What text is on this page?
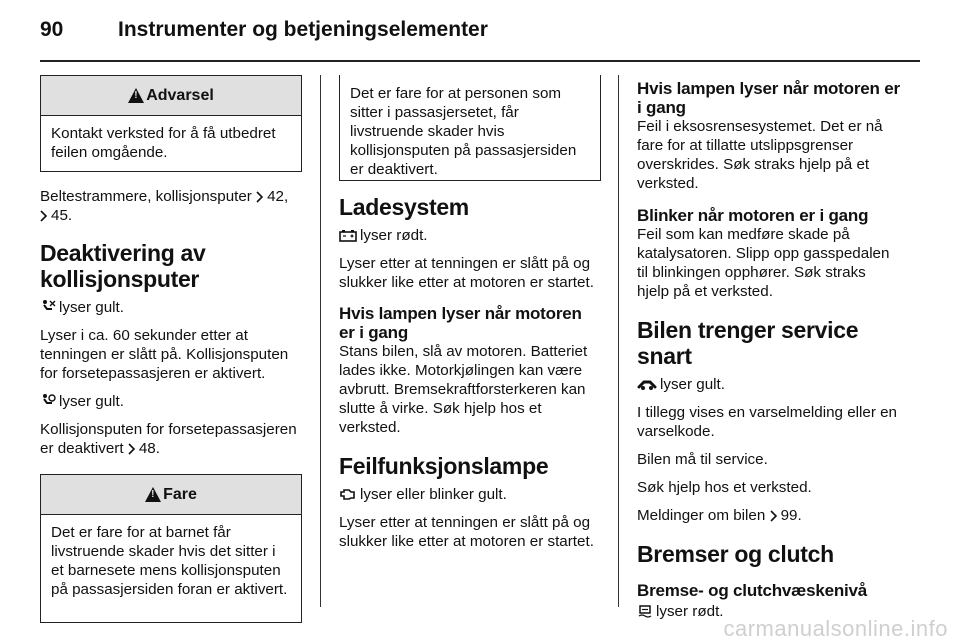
90	Instrumenter og betjeningselementer
!
Advarsel

Kontakt verksted for å få utbedret feilen omgående.

Beltestrammere, kollisjonsputer 42,
45.

Deaktivering av
kollisjonsputer

lyser gult.

Lyser i ca. 60 sekunder etter at tenningen er slått på. Kollisjonsputen for forsetepassasjeren er aktivert.

lyser gult.

Kollisjonsputen for forsetepassasjeren er deaktivert 48.

!
Fare

Det er fare for at barnet får livstruende skader hvis det sitter i et barnesete mens kollisjonsputen på passasjersiden foran er aktivert.

Det er fare for at personen som sitter i passasjersetet, får livstruende skader hvis kollisjonsputen på passasjersiden er deaktivert.

Ladesystem

lyser rødt.

Lyser etter at tenningen er slått på og slukker like etter at motoren er startet.

Hvis lampen lyser når motoren er i gang

Stans bilen, slå av motoren. Batteriet lades ikke. Motorkjølingen kan være avbrutt. Bremsekraftforsterkeren kan slutte å virke. Søk hjelp hos et verksted.

Feilfunksjonslampe

lyser eller blinker gult.

Lyser etter at tenningen er slått på og slukker like etter at motoren er startet.

Hvis lampen lyser når motoren er i gang

Feil i eksosrensesystemet. Det er nå fare for at tillatte utslippsgrenser overskrides. Søk straks hjelp på et verksted.

Blinker når motoren er i gang

Feil som kan medføre skade på katalysatoren. Slipp opp gasspedalen til blinkingen opphører. Søk straks hjelp på et verksted.

Bilen trenger service snart

lyser gult.

I tillegg vises en varselmelding eller en varselkode.

Bilen må til service.

Søk hjelp hos et verksted.

Meldinger om bilen 99.

Bremser og clutch
Bremse- og clutchvæskenivå

lyser rødt.

carmanualsonline.info
